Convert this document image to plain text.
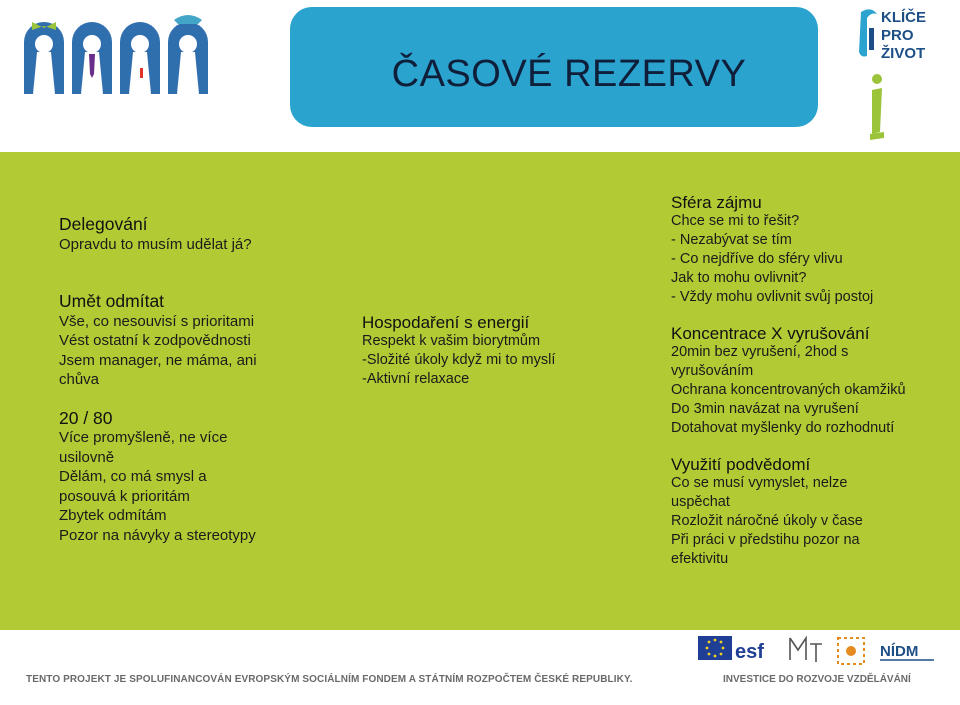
ČASOVÉ REZERVY
KLÍČE
PRO
ŽIVOT

Delegování

Opravdu to musím udělat já?

Umět odmítat

Vše, co nesouvisí s prioritami

Vést ostatní k zodpovědnosti

Jsem manager, ne máma, ani

chůva

20 / 80

Více promyšleně, ne více

usilovně

Dělám, co má smysl a

posouvá k prioritám

Zbytek odmítám

Pozor na návyky a stereotypy

Hospodaření s energií

Respekt k vašim biorytmům

-Složité úkoly když mi to myslí

-Aktivní relaxace

Sféra zájmu

Chce se mi to řešit?

- Nezabývat se tím

- Co nejdříve do sféry vlivu

Jak to mohu ovlivnit?

- Vždy mohu ovlivnit svůj postoj

Koncentrace X vyrušování

20min bez vyrušení, 2hod s

vyrušováním

Ochrana koncentrovaných okamžiků

Do 3min navázat na vyrušení

Dotahovat myšlenky do rozhodnutí

Využití podvědomí

Co se musí vymyslet, nelze

uspěchat

Rozložit náročné úkoly v čase

Při práci v předstihu pozor na

efektivitu

esf	NÍDM
TENTO PROJEKT JE SPOLUFINANCOVÁN EVROPSKÝM SOCIÁLNÍM FONDEM A STÁTNÍM ROZPOČTEM ČESKÉ REPUBLIKY.	INVESTICE DO ROZVOJE VZDĚLÁVÁNÍ
